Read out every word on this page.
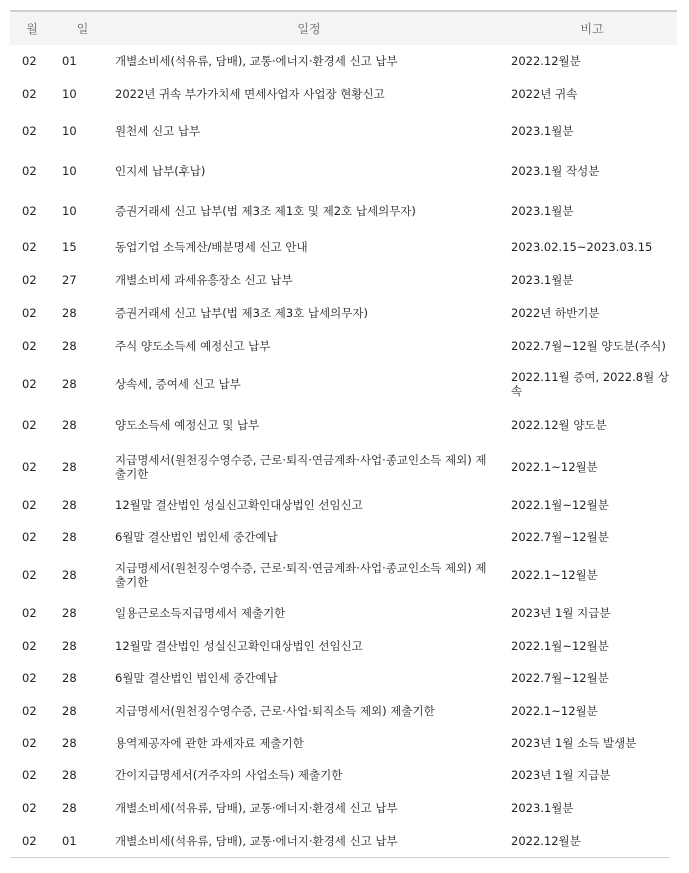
월	일	일정	비고
02	01	개별소비세(석유류, 담배), 교통·에너지·환경세 신고 납부	2022.12월분
02	10	2022년 귀속 부가가치세 면세사업자 사업장 현황신고	2022년 귀속
02	10	원천세 신고 납부	2023.1월분
02	10	인지세 납부(후납)	2023.1월 작성분
02	10	증권거래세 신고 납부(법 제3조 제1호 및 제2호 납세의무자)	2023.1월분
02	15	동업기업 소득계산/배분명세 신고 안내	2023.02.15~2023.03.15
02	27	개별소비세 과세유흥장소 신고 납부	2023.1월분
02	28	증권거래세 신고 납부(법 제3조 제3호 납세의무자)	2022년 하반기분
02	28	주식 양도소득세 예정신고 납부	2022.7월~12월 양도분(주식)
02	28	상속세, 증여세 신고 납부	2022.11월 증여, 2022.8월 상속
02	28	양도소득세 예정신고 및 납부	2022.12월 양도분
02	28	지급명세서(원천징수영수증, 근로·퇴직·연금계좌·사업·종교인소득 제외) 제출기한	2022.1~12월분
02	28	12월말 결산법인 성실신고확인대상법인 선임신고	2022.1월~12월분
02	28	6월말 결산법인 법인세 중간예납	2022.7월~12월분
02	28	지급명세서(원천징수영수증, 근로·퇴직·연금계좌·사업·종교인소득 제외) 제출기한	2022.1~12월분
02	28	일용근로소득지급명세서 제출기한	2023년 1월 지급분
02	28	12월말 결산법인 성실신고확인대상법인 선임신고	2022.1월~12월분
02	28	6월말 결산법인 법인세 중간예납	2022.7월~12월분
02	28	지급명세서(원천징수영수증, 근로·사업·퇴직소득 제외) 제출기한	2022.1~12월분
02	28	용역제공자에 관한 과세자료 제출기한	2023년 1월 소득 발생분
02	28	간이지급명세서(거주자의 사업소득) 제출기한	2023년 1월 지급분
02	28	개별소비세(석유류, 담배), 교통·에너지·환경세 신고 납부	2023.1월분
02	01	개별소비세(석유류, 담배), 교통·에너지·환경세 신고 납부	2022.12월분
